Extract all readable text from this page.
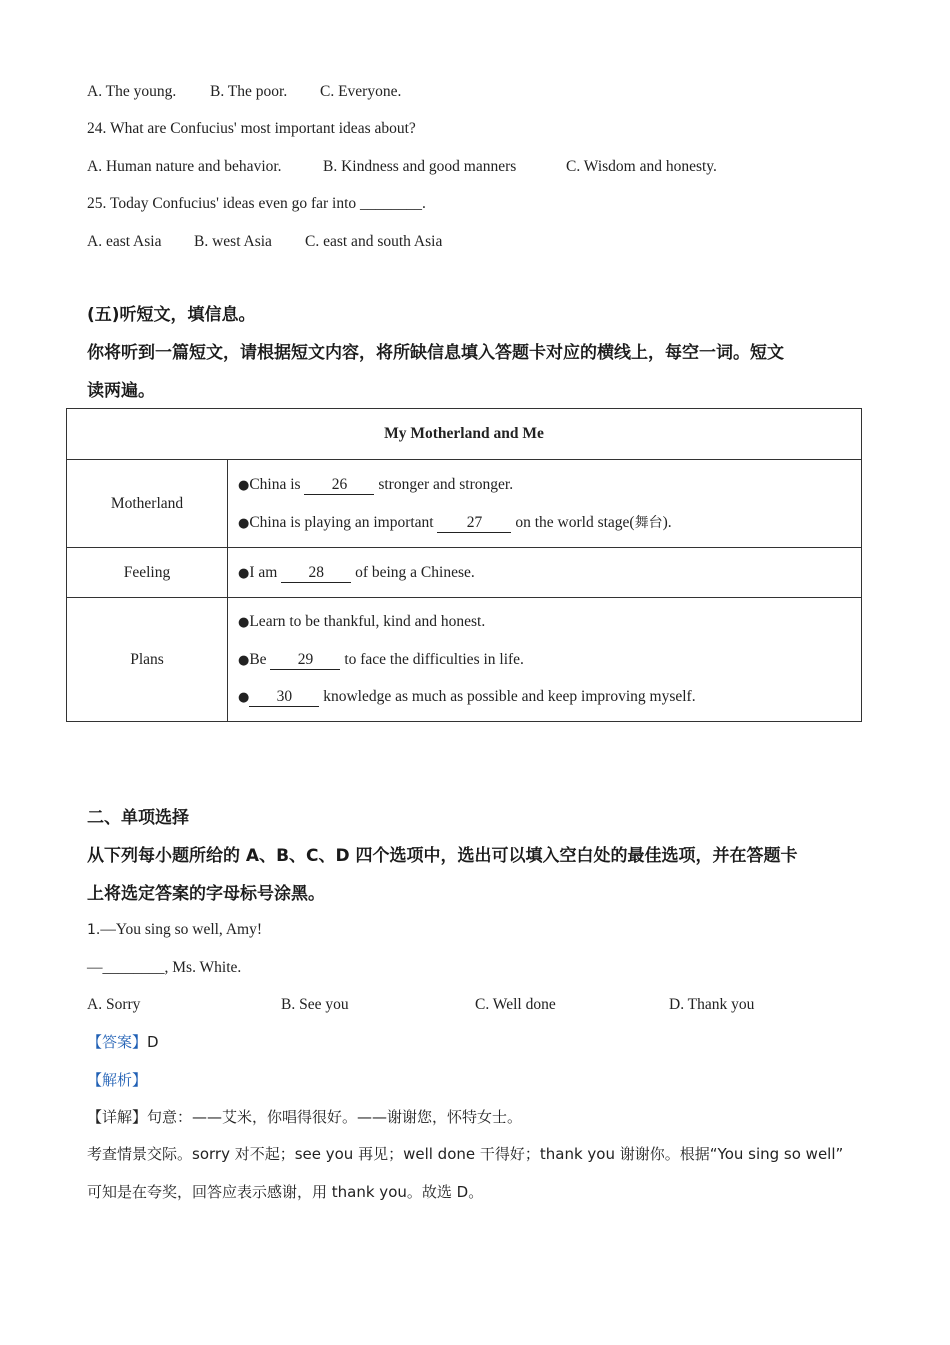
A. The young. B. The poor. C. Everyone.
24. What are Confucius' most important ideas about?
A. Human nature and behavior.	B. Kindness and good manners	C. Wisdom and honesty.
25. Today Confucius' ideas even go far into ________.
A. east Asia B. west Asia C. east and south Asia
(五)听短文，填信息。
你将听到一篇短文，请根据短文内容，将所缺信息填入答题卡对应的横线上，每空一词。短文
读两遍。
My Motherland and Me	
Motherland	●China is 26 stronger and stronger.
●China is playing an important 27 on the world stage(舞台).

Feeling	●I am 28 of being a Chinese.

Plans	●Learn to be thankful, kind and honest.
●Be 29 to face the difficulties in life.
● 30 knowledge as much as possible and keep improving myself.
二、单项选择
从下列每小题所给的 A、B、C、D 四个选项中，选出可以填入空白处的最佳选项，并在答题卡
上将选定答案的字母标号涂黑。
1.—You sing so well, Amy!
—________, Ms. White.
A. Sorry	B. See you	C. Well done	D. Thank you
【答案】D
【解析】
【详解】句意：——艾米，你唱得很好。——谢谢您，怀特女士。
考查情景交际。sorry 对不起；see you 再见；well done 干得好；thank you 谢谢你。根据“You sing so well”
可知是在夸奖，回答应表示感谢，用 thank you。故选 D。
